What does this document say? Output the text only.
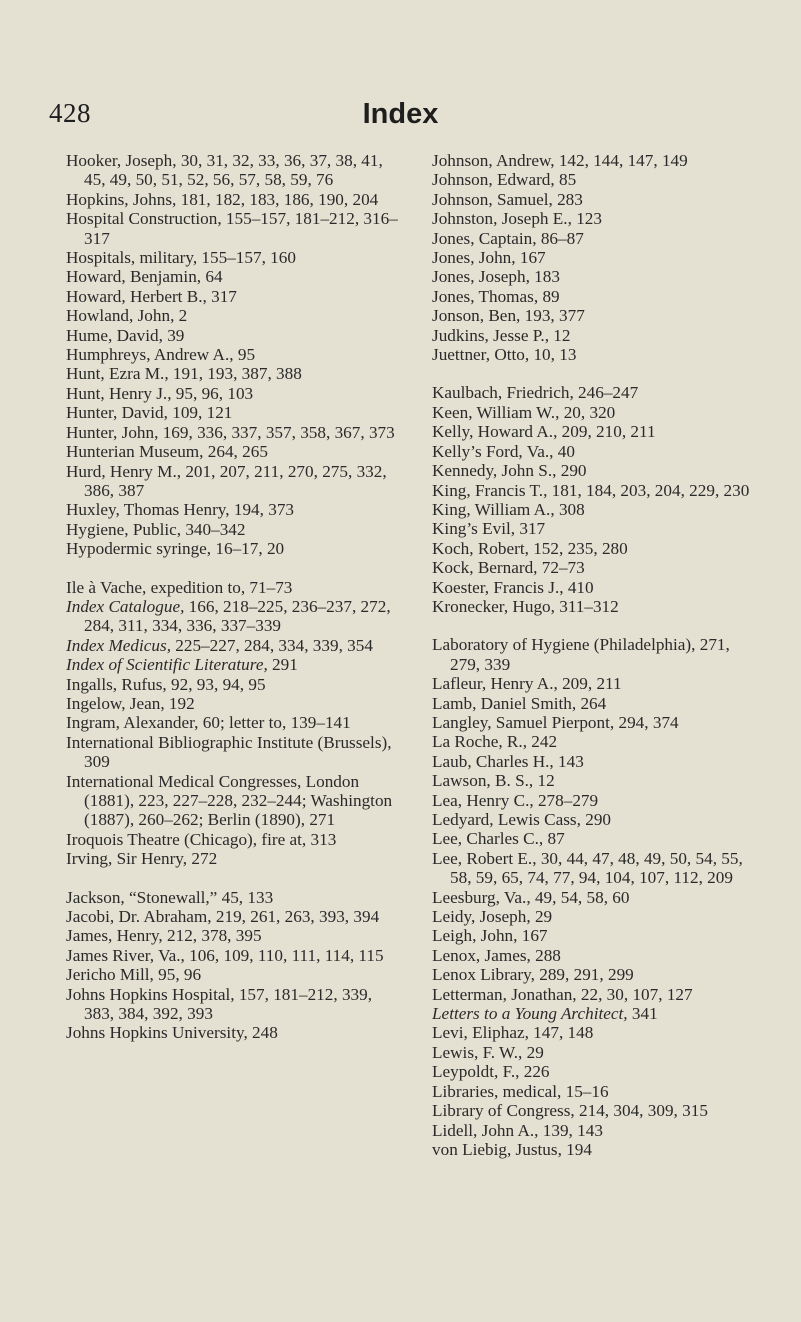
428	Index
Hooker, Joseph, 30, 31, 32, 33, 36, 37, 38, 41, 45, 49, 50, 51, 52, 56, 57, 58, 59, 76
Hopkins, Johns, 181, 182, 183, 186, 190, 204
Hospital Construction, 155–157, 181–212, 316–317
Hospitals, military, 155–157, 160
Howard, Benjamin, 64
Howard, Herbert B., 317
Howland, John, 2
Hume, David, 39
Humphreys, Andrew A., 95
Hunt, Ezra M., 191, 193, 387, 388
Hunt, Henry J., 95, 96, 103
Hunter, David, 109, 121
Hunter, John, 169, 336, 337, 357, 358, 367, 373
Hunterian Museum, 264, 265
Hurd, Henry M., 201, 207, 211, 270, 275, 332, 386, 387
Huxley, Thomas Henry, 194, 373
Hygiene, Public, 340–342
Hypodermic syringe, 16–17, 20
Ile à Vache, expedition to, 71–73
Index Catalogue, 166, 218–225, 236–237, 272, 284, 311, 334, 336, 337–339
Index Medicus, 225–227, 284, 334, 339, 354
Index of Scientific Literature, 291
Ingalls, Rufus, 92, 93, 94, 95
Ingelow, Jean, 192
Ingram, Alexander, 60; letter to, 139–141
International Bibliographic Institute (Brussels), 309
International Medical Congresses, London (1881), 223, 227–228, 232–244; Washington (1887), 260–262; Berlin (1890), 271
Iroquois Theatre (Chicago), fire at, 313
Irving, Sir Henry, 272
Jackson, “Stonewall,” 45, 133
Jacobi, Dr. Abraham, 219, 261, 263, 393, 394
James, Henry, 212, 378, 395
James River, Va., 106, 109, 110, 111, 114, 115
Jericho Mill, 95, 96
Johns Hopkins Hospital, 157, 181–212, 339, 383, 384, 392, 393
Johns Hopkins University, 248
Johnson, Andrew, 142, 144, 147, 149
Johnson, Edward, 85
Johnson, Samuel, 283
Johnston, Joseph E., 123
Jones, Captain, 86–87
Jones, John, 167
Jones, Joseph, 183
Jones, Thomas, 89
Jonson, Ben, 193, 377
Judkins, Jesse P., 12
Juettner, Otto, 10, 13
Kaulbach, Friedrich, 246–247
Keen, William W., 20, 320
Kelly, Howard A., 209, 210, 211
Kelly’s Ford, Va., 40
Kennedy, John S., 290
King, Francis T., 181, 184, 203, 204, 229, 230
King, William A., 308
King’s Evil, 317
Koch, Robert, 152, 235, 280
Kock, Bernard, 72–73
Koester, Francis J., 410
Kronecker, Hugo, 311–312
Laboratory of Hygiene (Philadelphia), 271, 279, 339
Lafleur, Henry A., 209, 211
Lamb, Daniel Smith, 264
Langley, Samuel Pierpont, 294, 374
La Roche, R., 242
Laub, Charles H., 143
Lawson, B. S., 12
Lea, Henry C., 278–279
Ledyard, Lewis Cass, 290
Lee, Charles C., 87
Lee, Robert E., 30, 44, 47, 48, 49, 50, 54, 55, 58, 59, 65, 74, 77, 94, 104, 107, 112, 209
Leesburg, Va., 49, 54, 58, 60
Leidy, Joseph, 29
Leigh, John, 167
Lenox, James, 288
Lenox Library, 289, 291, 299
Letterman, Jonathan, 22, 30, 107, 127
Letters to a Young Architect, 341
Levi, Eliphaz, 147, 148
Lewis, F. W., 29
Leypoldt, F., 226
Libraries, medical, 15–16
Library of Congress, 214, 304, 309, 315
Lidell, John A., 139, 143
von Liebig, Justus, 194
